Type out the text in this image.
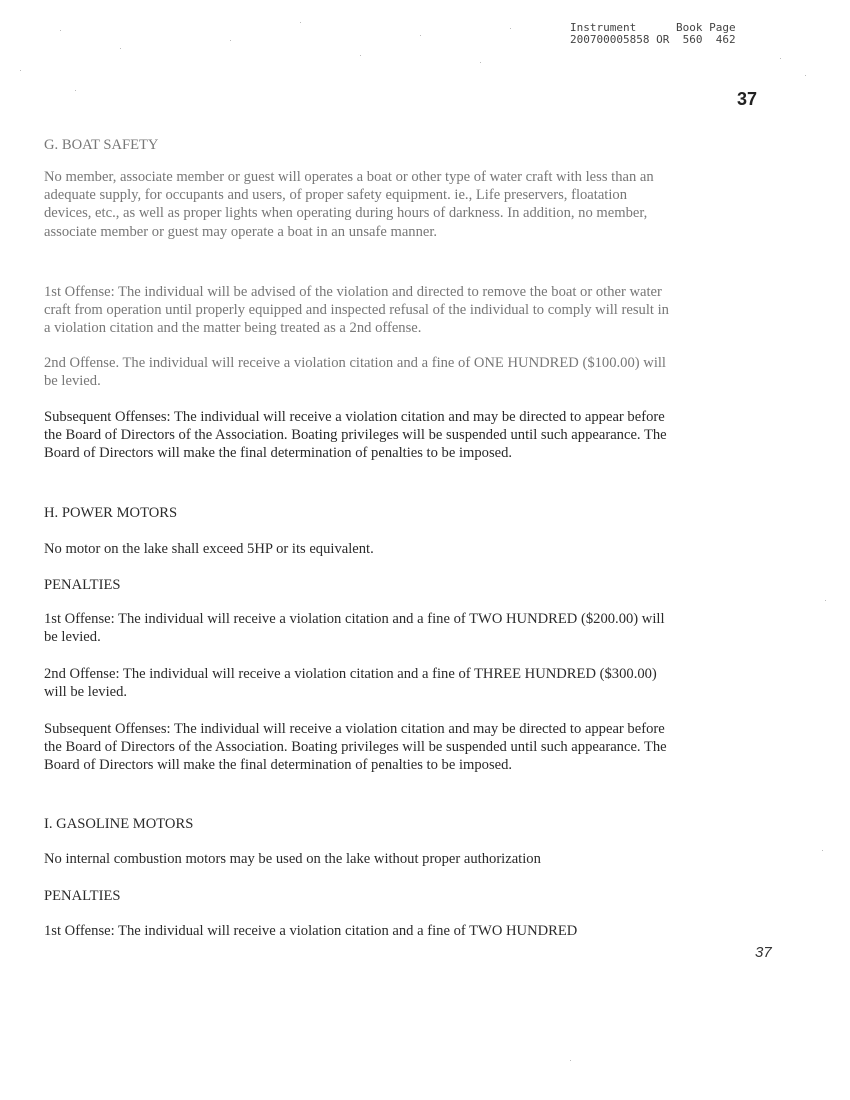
Instrument      Book Page
200700005858 OR  560  462
37

G. BOAT SAFETY

No member, associate member or guest will operates a boat or other type of water craft with less than an adequate supply, for occupants and users, of proper safety equipment. ie., Life preservers, floatation devices, etc., as well as proper lights when operating during hours of darkness. In addition, no member, associate member or guest may operate a boat in an unsafe manner.

1st Offense: The individual will be advised of the violation and directed to remove the boat or other water craft from operation until properly equipped and inspected refusal of the individual to comply will result in a violation citation and the matter being treated as a 2nd offense.

2nd Offense. The individual will receive a violation citation and a fine of ONE HUNDRED ($100.00) will be levied.

Subsequent Offenses: The individual will receive a violation citation and may be directed to appear before the Board of Directors of the Association. Boating privileges will be suspended until such appearance. The Board of Directors will make the final determination of penalties to be imposed.

H. POWER MOTORS

No motor on the lake shall exceed 5HP or its equivalent.

PENALTIES

1st Offense: The individual will receive a violation citation and a fine of TWO HUNDRED ($200.00) will be levied.

2nd Offense: The individual will receive a violation citation and a fine of THREE HUNDRED ($300.00) will be levied.

Subsequent Offenses: The individual will receive a violation citation and may be directed to appear before the Board of Directors of the Association. Boating privileges will be suspended until such appearance. The Board of Directors will make the final determination of penalties to be imposed.

I. GASOLINE MOTORS

No internal combustion motors may be used on the lake without proper authorization

PENALTIES

1st Offense: The individual will receive a violation citation and a fine of TWO HUNDRED

37
